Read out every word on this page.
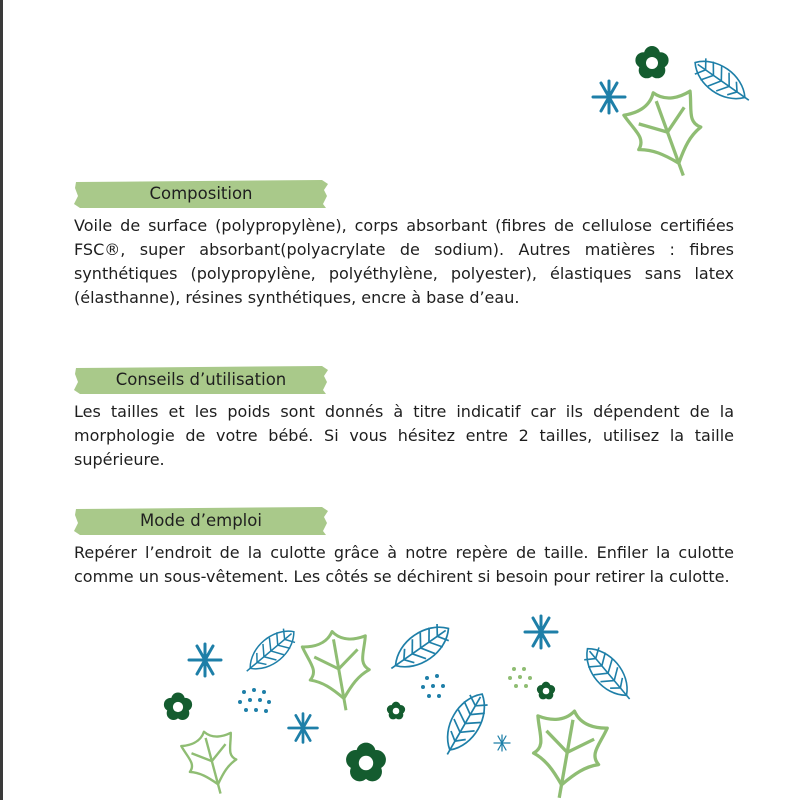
Composition

Voile de surface (polypropylène), corps absorbant (fibres de cellulose certifiées FSC®, super absorbant(polyacrylate de sodium). Autres matières : fibres synthétiques (polypropylène, polyéthylène, polyester), élastiques sans latex (élasthanne), résines synthétiques, encre à base d’eau.

Conseils d’utilisation

Les tailles et les poids sont donnés à titre indicatif car ils dépendent de la morphologie de votre bébé. Si vous hésitez entre 2 tailles, utilisez la taille supérieure.

Mode d’emploi

Repérer l’endroit de la culotte grâce à notre repère de taille. Enfiler la culotte comme un sous-vêtement. Les côtés se déchirent si besoin pour retirer la culotte.
